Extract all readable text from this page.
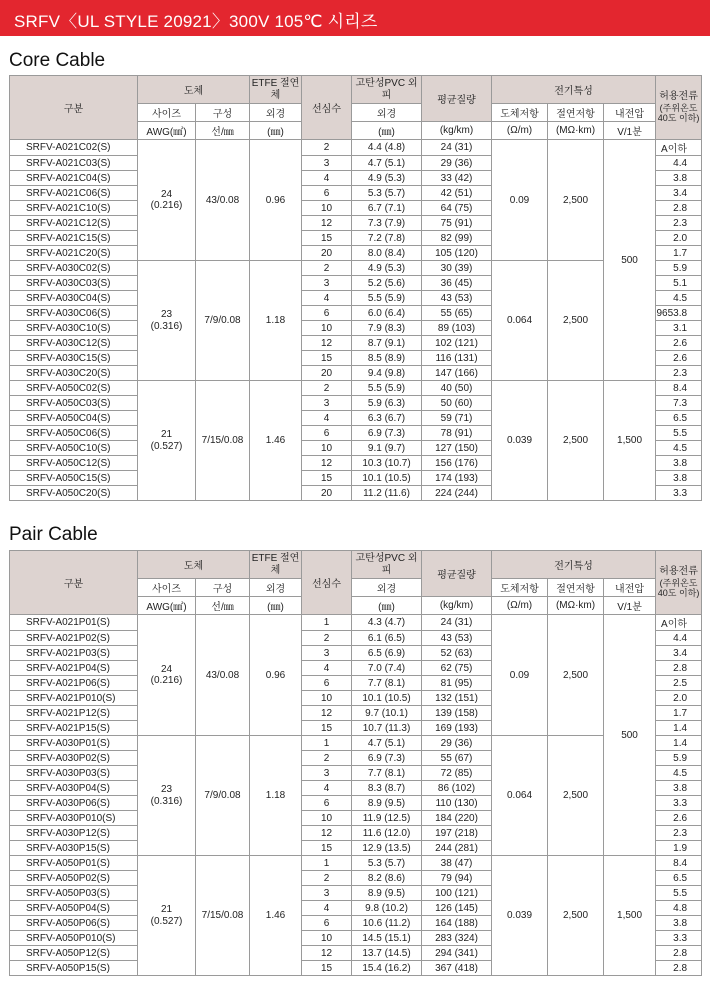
SRFV〈UL STYLE 20921〉300V 105℃ 시리즈
Core Cable
구분	도체		ETFE 절연체	선심수	고탄성PVC 외피	평균질량	전기특성			허용전류
(주위온도 40도 이하)

	사이즈	구성	외경		외경		도체저항	절연저항	내전압	
	AWG(㎟)	선/㎜	(㎜)		(㎜)	(kg/km)	(Ω/m)	(MΩ·km)	V/1분	
SRFV-A021C02(S)	24
(0.216)	43/0.08	0.96	2	4.4 (4.8)	24 (31)	0.09	2,500	500	A이하
SRFV-A021C03(S)				3	4.7 (5.1)	29 (36)				4.4
SRFV-A021C04(S)				4	4.9 (5.3)	33 (42)				3.8
SRFV-A021C06(S)				6	5.3 (5.7)	42 (51)				3.4
SRFV-A021C10(S)				10	6.7 (7.1)	64 (75)				2.8
SRFV-A021C12(S)				12	7.3 (7.9)	75 (91)				2.3
SRFV-A021C15(S)				15	7.2 (7.8)	82 (99)				2.0
SRFV-A021C20(S)				20	8.0 (8.4)	105 (120)				1.7
SRFV-A030C02(S)	23
(0.316)	7/9/0.08	1.18	2	4.9 (5.3)	30 (39)	0.064	2,500		5.9
SRFV-A030C03(S)				3	5.2 (5.6)	36 (45)				5.1
SRFV-A030C04(S)				4	5.5 (5.9)	43 (53)				4.5
SRFV-A030C06(S)				6	6.0 (6.4)	55 (65)				9653.8
SRFV-A030C10(S)				10	7.9 (8.3)	89 (103)				3.1
SRFV-A030C12(S)				12	8.7 (9.1)	102 (121)				2.6
SRFV-A030C15(S)				15	8.5 (8.9)	116 (131)				2.6
SRFV-A030C20(S)				20	9.4 (9.8)	147 (166)				2.3
SRFV-A050C02(S)	21
(0.527)	7/15/0.08	1.46	2	5.5 (5.9)	40 (50)	0.039	2,500	1,500	8.4
SRFV-A050C03(S)				3	5.9 (6.3)	50 (60)				7.3
SRFV-A050C04(S)				4	6.3 (6.7)	59 (71)				6.5
SRFV-A050C06(S)				6	6.9 (7.3)	78 (91)				5.5
SRFV-A050C10(S)				10	9.1 (9.7)	127 (150)				4.5
SRFV-A050C12(S)				12	10.3 (10.7)	156 (176)				3.8
SRFV-A050C15(S)				15	10.1 (10.5)	174 (193)				3.8
SRFV-A050C20(S)				20	11.2 (11.6)	224 (244)				3.3
Pair Cable
구분	도체		ETFE 절연체	선심수	고탄성PVC 외피	평균질량	전기특성			허용전류
(주위온도 40도 이하)

	사이즈	구성	외경		외경		도체저항	절연저항	내전압	
	AWG(㎟)	선/㎜	(㎜)		(㎜)	(kg/km)	(Ω/m)	(MΩ·km)	V/1분	
SRFV-A021P01(S)	24
(0.216)	43/0.08	0.96	1	4.3 (4.7)	24 (31)	0.09	2,500	500	A이하
SRFV-A021P02(S)				2	6.1 (6.5)	43 (53)				4.4
SRFV-A021P03(S)				3	6.5 (6.9)	52 (63)				3.4
SRFV-A021P04(S)				4	7.0 (7.4)	62 (75)				2.8
SRFV-A021P06(S)				6	7.7 (8.1)	81 (95)				2.5
SRFV-A021P010(S)				10	10.1 (10.5)	132 (151)				2.0
SRFV-A021P12(S)				12	9.7 (10.1)	139 (158)				1.7
SRFV-A021P15(S)				15	10.7 (11.3)	169 (193)				1.4
SRFV-A030P01(S)	23
(0.316)	7/9/0.08	1.18	1	4.7 (5.1)	29 (36)	0.064	2,500		1.4
SRFV-A030P02(S)				2	6.9 (7.3)	55 (67)				5.9
SRFV-A030P03(S)				3	7.7 (8.1)	72 (85)				4.5
SRFV-A030P04(S)				4	8.3 (8.7)	86 (102)				3.8
SRFV-A030P06(S)				6	8.9 (9.5)	110 (130)				3.3
SRFV-A030P010(S)				10	11.9 (12.5)	184 (220)				2.6
SRFV-A030P12(S)				12	11.6 (12.0)	197 (218)				2.3
SRFV-A030P15(S)				15	12.9 (13.5)	244 (281)				1.9
SRFV-A050P01(S)	21
(0.527)	7/15/0.08	1.46	1	5.3 (5.7)	38 (47)	0.039	2,500	1,500	8.4
SRFV-A050P02(S)				2	8.2 (8.6)	79 (94)				6.5
SRFV-A050P03(S)				3	8.9 (9.5)	100 (121)				5.5
SRFV-A050P04(S)				4	9.8 (10.2)	126 (145)				4.8
SRFV-A050P06(S)				6	10.6 (11.2)	164 (188)				3.8
SRFV-A050P010(S)				10	14.5 (15.1)	283 (324)				3.3
SRFV-A050P12(S)				12	13.7 (14.5)	294 (341)				2.8
SRFV-A050P15(S)				15	15.4 (16.2)	367 (418)				2.8
